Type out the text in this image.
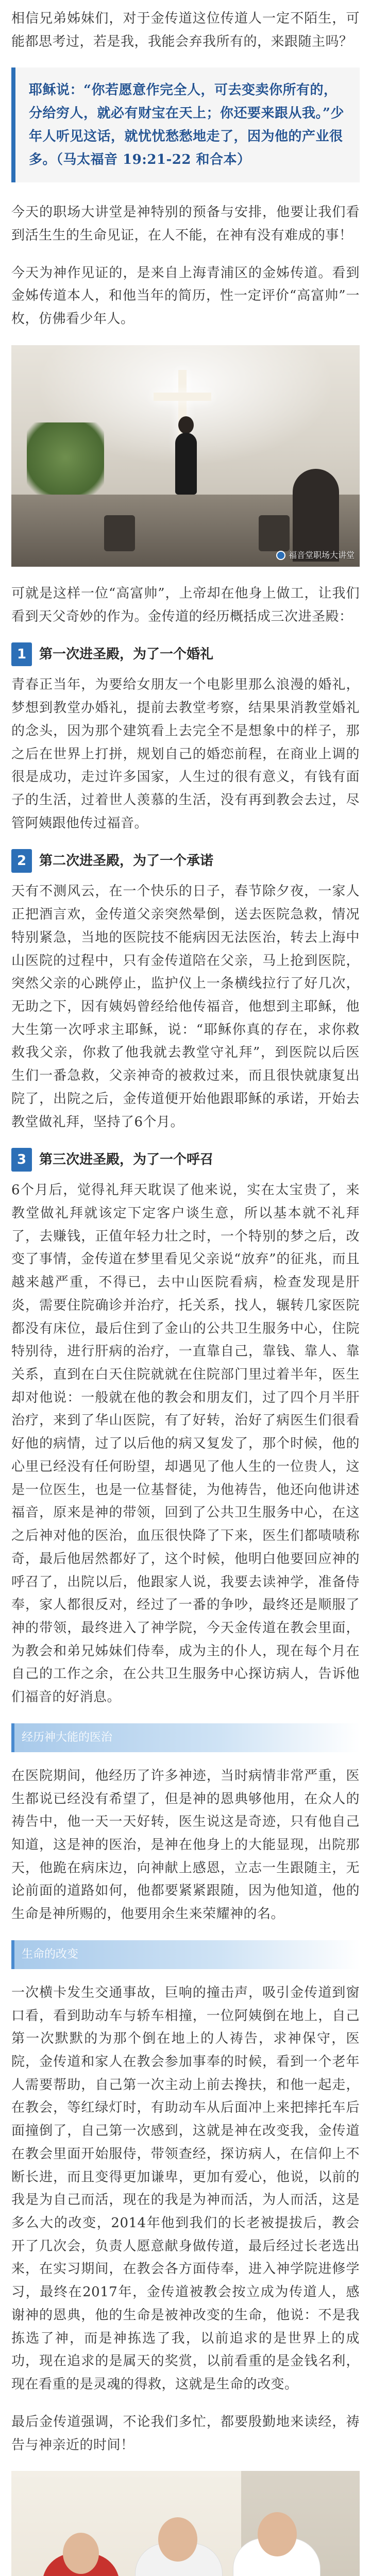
相信兄弟姊妹们，对于金传道这位传道人一定不陌生，可能都思考过，若是我，我能会弃我所有的，来跟随主吗？

耶稣说：“你若愿意作完全人，可去变卖你所有的，分给穷人，就必有财宝在天上；你还要来跟从我。”少年人听见这话，就忧忧愁愁地走了，因为他的产业很多。（马太福音 19:21-22 和合本）

今天的职场大讲堂是神特别的预备与安排，他要让我们看到活生生的生命见证，在人不能，在神有没有难成的事！

今天为神作见证的，是来自上海青浦区的金姊传道。看到金姊传道本人，和他当年的简历，性一定评价“高富帅”一枚，仿佛看少年人。

福音堂职场大讲堂

可就是这样一位“高富帅”，上帝却在他身上做工，让我们看到天父奇妙的作为。金传道的经历概括成三次进圣殿：

1 第一次进圣殿，为了一个婚礼

青春正当年，为要给女朋友一个电影里那么浪漫的婚礼，梦想到教堂办婚礼，提前去教堂考察，结果果消教堂婚礼的念头，因为那个建筑看上去完全不是想象中的样子，那之后在世界上打拼，规划自己的婚恋前程，在商业上调的很是成功，走过许多国家，人生过的很有意义，有钱有面子的生活，过着世人羡慕的生活，没有再到教会去过，尽管阿姨跟他传过福音。

2 第二次进圣殿，为了一个承诺

天有不测风云，在一个快乐的日子，春节除夕夜，一家人正把酒言欢，金传道父亲突然晕倒，送去医院急救，情况特别紧急，当地的医院技不能病因无法医治，转去上海中山医院的过程中，只有金传道陪在父亲，马上抢到医院，突然父亲的心跳停止，监护仪上一条横线拉行了好几次，无助之下，因有姨妈曾经给他传福音，他想到主耶稣，他大生第一次呼求主耶稣，说：“耶稣你真的存在，求你救救我父亲，你救了他我就去教堂守礼拜”，到医院以后医生们一番急救，父亲神奇的被救过来，而且很快就康复出院了，出院之后，金传道便开始他跟耶稣的承诺，开始去教堂做礼拜，坚持了6个月。

3 第三次进圣殿，为了一个呼召

6个月后，觉得礼拜天耽误了他来说，实在太宝贵了，来教堂做礼拜就该定下定客户谈生意，所以基本就不礼拜了，去赚钱，正值年轻力壮之时，一个特别的梦之后，改变了事情，金传道在梦里看见父亲说“放弃”的征兆，而且越来越严重，不得已，去中山医院看病，检查发现是肝炎，需要住院确诊并治疗，托关系，找人，辗转几家医院都没有床位，最后住到了金山的公共卫生服务中心，住院特别待，进行肝病的治疗，一直靠自己，靠钱、靠人、靠关系，直到在白天住院就就在住院部门里过着半年，医生却对他说：一般就在他的教会和朋友们，过了四个月半肝治疗，来到了华山医院，有了好转，治好了病医生们很看好他的病情，过了以后他的病又复发了，那个时候，他的心里已经没有任何盼望，却遇见了他人生的一位贵人，这是一位医生，也是一位基督徒，为他祷告，他还向他讲述福音，原来是神的带领，回到了公共卫生服务中心，在这之后神对他的医治，血压很快降了下来，医生们都啧啧称奇，最后他居然都好了，这个时候，他明白他要回应神的呼召了，出院以后，他跟家人说，我要去读神学，准备侍奉，家人都很反对，经过了一番的争吵，最终还是顺服了神的带领，最终进入了神学院，今天金传道在教会里面，为教会和弟兄姊妹们侍奉，成为主的仆人，现在每个月在自己的工作之余，在公共卫生服务中心探访病人，告诉他们福音的好消息。

经历神大能的医治

在医院期间，他经历了许多神迹，当时病情非常严重，医生都说已经没有希望了，但是神的恩典够他用，在众人的祷告中，他一天一天好转，医生说这是奇迹，只有他自己知道，这是神的医治，是神在他身上的大能显现，出院那天，他跪在病床边，向神献上感恩，立志一生跟随主，无论前面的道路如何，他都要紧紧跟随，因为他知道，他的生命是神所赐的，他要用余生来荣耀神的名。

生命的改变

一次横卡发生交通事故，巨响的撞击声，吸引金传道到窗口看，看到助动车与轿车相撞，一位阿姨倒在地上，自己第一次默默的为那个倒在地上的人祷告，求神保守，医院，金传道和家人在教会参加事奉的时候，看到一个老年人需要帮助，自己第一次主动上前去搀扶，和他一起走，在教会，等红绿灯时，有助动车从后面冲上来把摔托车后面撞倒了，自己第一次感到，这就是神在改变我，金传道在教会里面开始服侍，带领查经，探访病人，在信仰上不断长进，而且变得更加谦卑，更加有爱心，他说，以前的我是为自己而活，现在的我是为神而活，为人而活，这是多么大的改变，2014年他到我们的长老被提拔后，教会开了几次会，负责人愿意献身做传道，最后经过长老选出来，在实习期间，在教会各方面侍奉，进入神学院进修学习，最终在2017年，金传道被教会按立成为传道人，感谢神的恩典，他的生命是被神改变的生命，他说：不是我拣选了神，而是神拣选了我，以前追求的是世界上的成功，现在追求的是属天的奖赏，以前看重的是金钱名利，现在看重的是灵魂的得救，这就是生命的改变。

最后金传道强调，不论我们多忙，都要殷勤地来读经，祷告与神亲近的时间！
